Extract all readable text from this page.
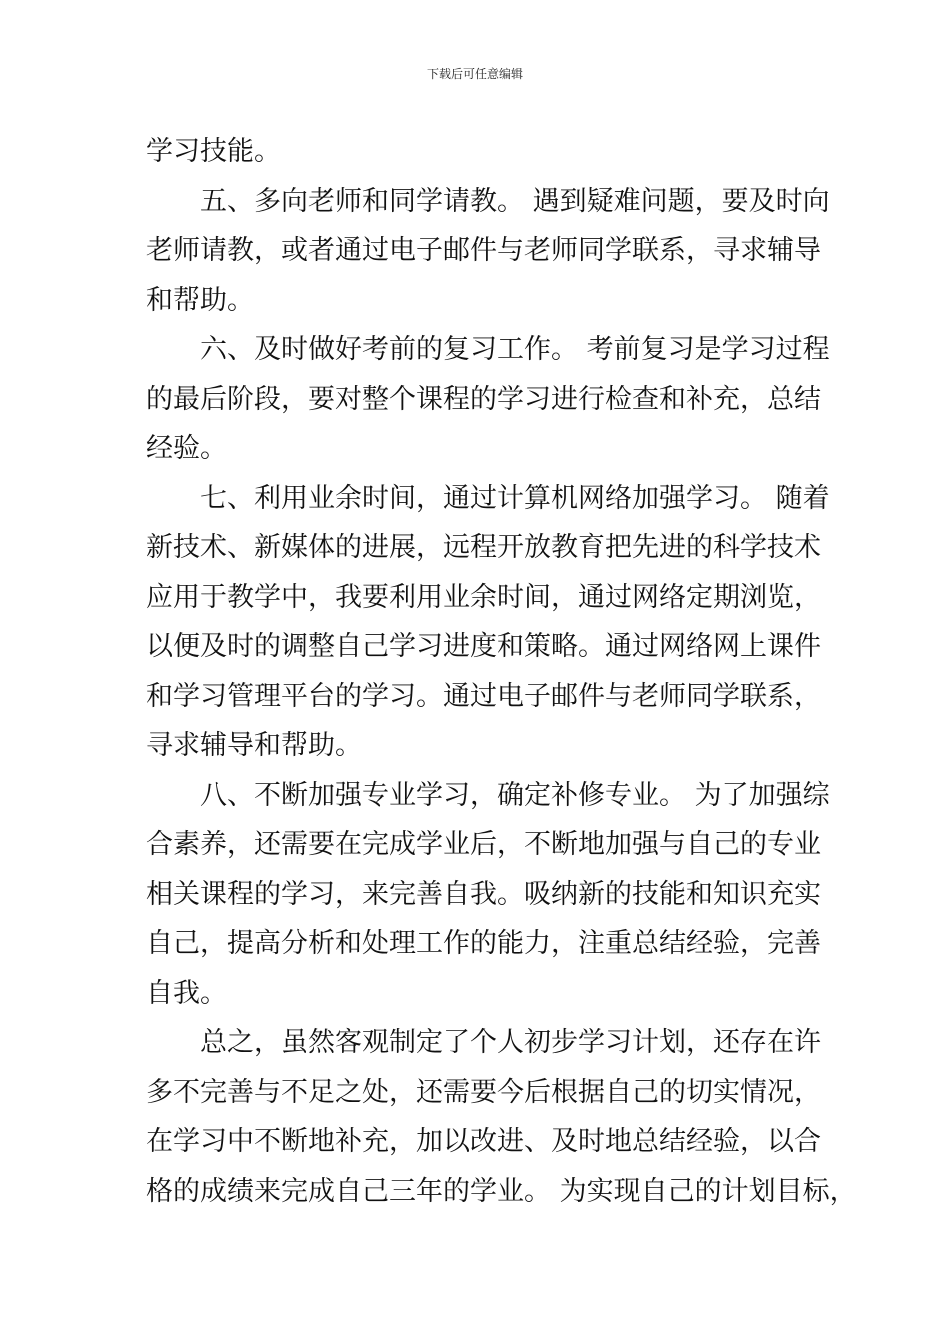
下载后可任意编辑
学习技能。
　　五、多向老师和同学请教。 遇到疑难问题，要及时向
老师请教，或者通过电子邮件与老师同学联系，寻求辅导
和帮助。
　　六、及时做好考前的复习工作。 考前复习是学习过程
的最后阶段，要对整个课程的学习进行检查和补充，总结
经验。
　　七、利用业余时间，通过计算机网络加强学习。 随着
新技术、新媒体的进展，远程开放教育把先进的科学技术
应用于教学中，我要利用业余时间，通过网络定期浏览，
以便及时的调整自己学习进度和策略。通过网络网上课件
和学习管理平台的学习。通过电子邮件与老师同学联系，
寻求辅导和帮助。
　　八、不断加强专业学习，确定补修专业。 为了加强综
合素养，还需要在完成学业后，不断地加强与自己的专业
相关课程的学习，来完善自我。吸纳新的技能和知识充实
自己，提高分析和处理工作的能力，注重总结经验，完善
自我。
　　总之，虽然客观制定了个人初步学习计划，还存在许
多不完善与不足之处，还需要今后根据自己的切实情况，
在学习中不断地补充，加以改进、及时地总结经验，以合
格的成绩来完成自己三年的学业。 为实现自己的计划目标，
